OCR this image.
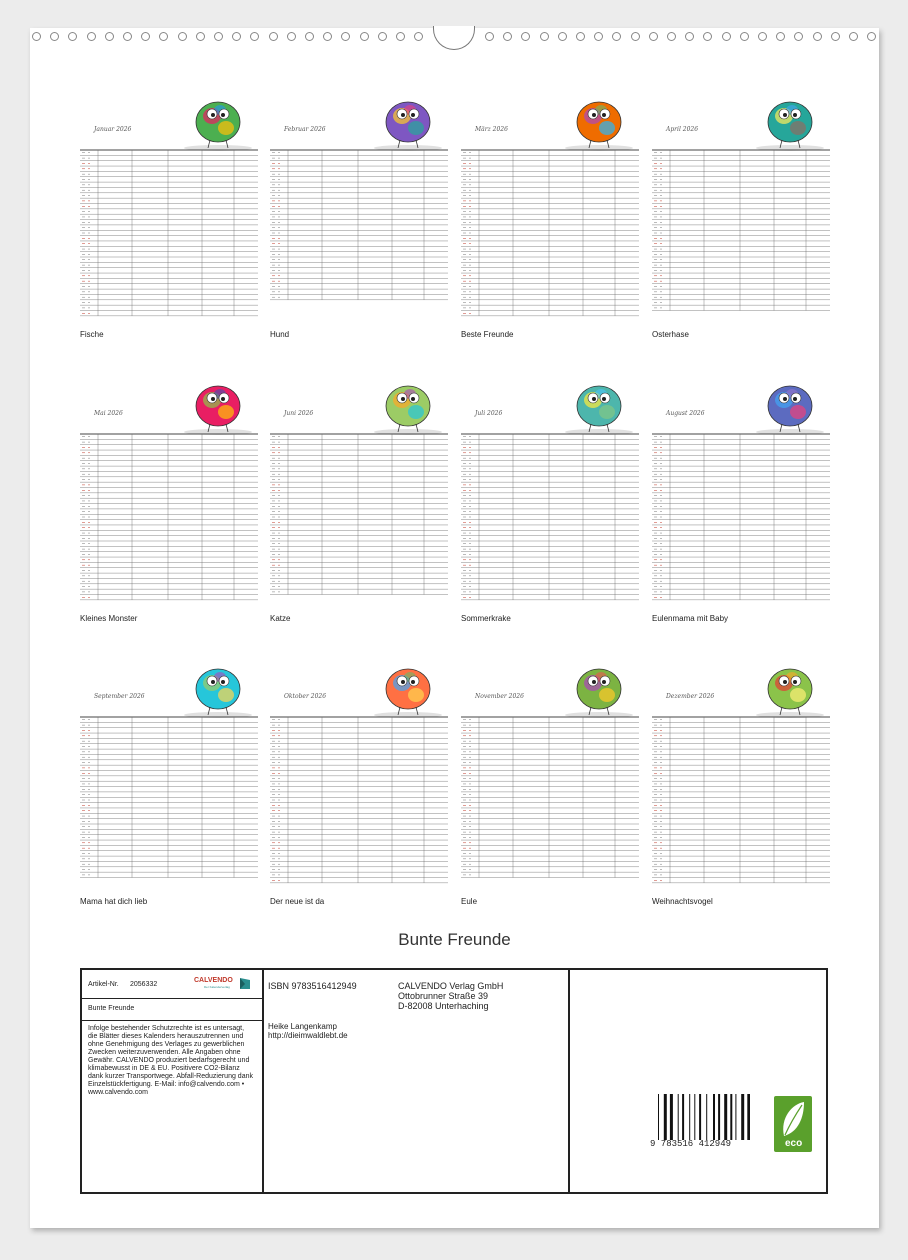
Januar 2026
Fische
Februar 2026
Hund
März 2026
Beste Freunde
April 2026
Osterhase
Mai 2026
Kleines Monster
Juni 2026
Katze
Juli 2026
Sommerkrake
August 2026
Eulenmama mit Baby
September 2026
Mama hat dich lieb
Oktober 2026
Der neue ist da
November 2026
Eule
Dezember 2026
Weihnachtsvogel
Bunte Freunde
Artikel-Nr. 2056332
CALVENDO
Der Kalenderverlag
Bunte Freunde
Infolge bestehender Schutzrechte ist es untersagt, die Blätter dieses Kalenders herauszutrennen und ohne Genehmigung des Verlages zu gewerblichen Zwecken weiterzuverwenden. Alle Angaben ohne Gewähr. CALVENDO produziert bedarfsgerecht und klimabewusst in DE & EU. Positivere CO2-Bilanz dank kurzer Transportwege. Abfall-Reduzierung dank Einzelstückfertigung. E-Mail: info@calvendo.com • www.calvendo.com
ISBN 9783516412949	CALVENDO Verlag GmbH
Ottobrunner Straße 39
D-82008 Unterhaching
Heike Langenkamp
http://dieimwaldlebt.de
9 783516 412949	eco
